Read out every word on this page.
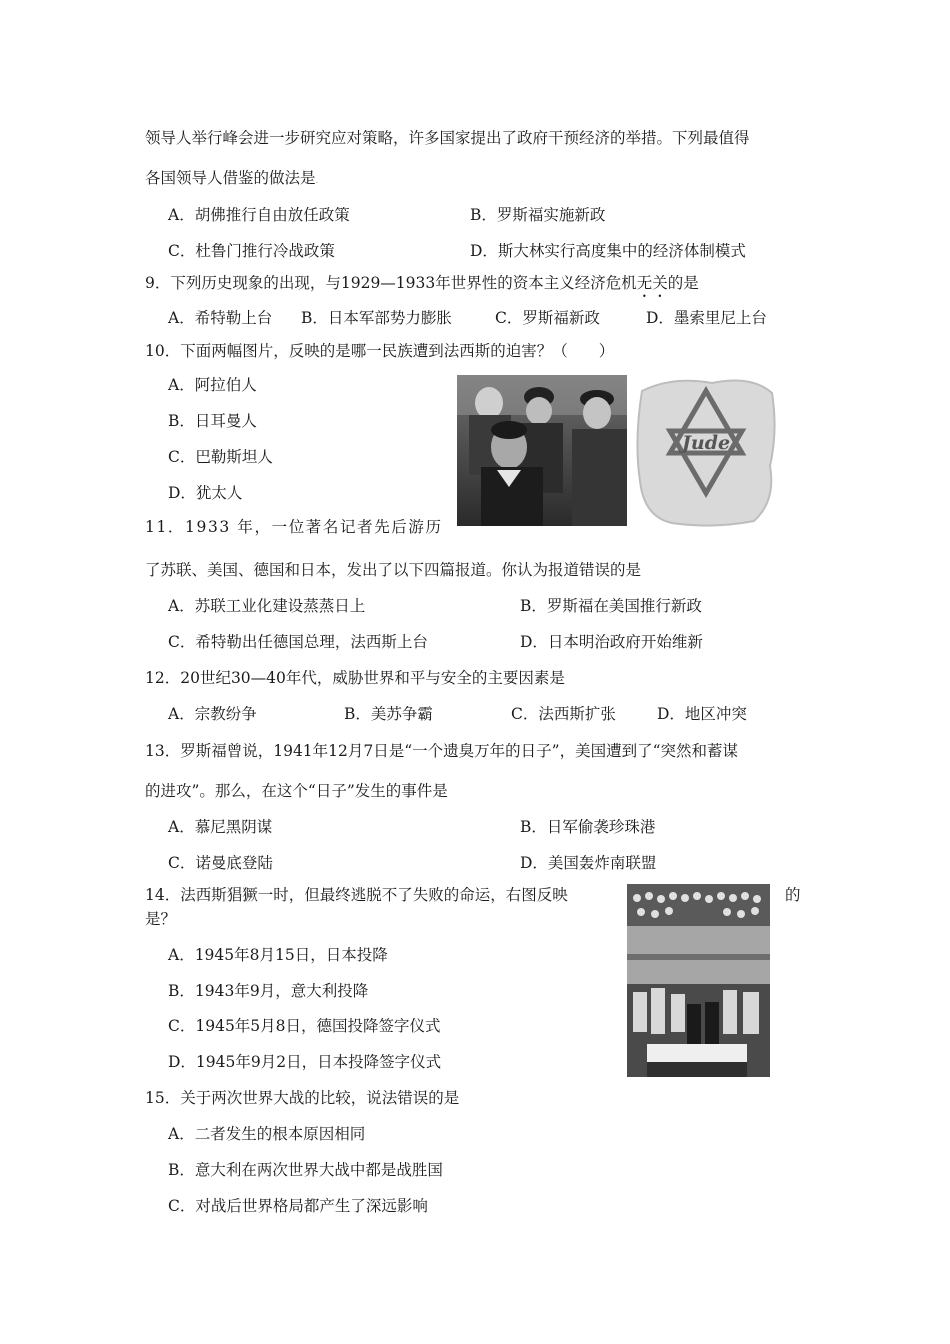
领导人举行峰会进一步研究应对策略，许多国家提出了政府干预经济的举措。下列最值得
各国领导人借鉴的做法是.
A．胡佛推行自由放任政策	B．罗斯福实施新政
C．杜鲁门推行冷战政策	D．斯大林实行高度集中的经济体制模式
9．下列历史现象的出现，与1929—1933年世界性的资本主义经济危机无关的是
A．希特勒上台 B．日本军部势力膨胀	C．罗斯福新政	D．墨索里尼上台
10．下面两幅图片，反映的是哪一民族遭到法西斯的迫害？（　　）
A．阿拉伯人
B．日耳曼人
C．巴勒斯坦人
D．犹太人
Jude
11．1933 年，一位著名记者先后游历
了苏联、美国、德国和日本，发出了以下四篇报道。你认为报道错误的是
A．苏联工业化建设蒸蒸日上	B．罗斯福在美国推行新政
C．希特勒出任德国总理，法西斯上台	D．日本明治政府开始维新
12．20世纪30—40年代，威胁世界和平与安全的主要因素是
A．宗教纷争	B．美苏争霸	C．法西斯扩张	D．地区冲突
13．罗斯福曾说，1941年12月7日是“一个遗臭万年的日子”，美国遭到了“突然和蓄谋
的进攻”。那么，在这个“日子”发生的事件是
A．慕尼黑阴谋	B．日军偷袭珍珠港
C．诺曼底登陆	D．美国轰炸南联盟
14．法西斯猖獗一时，但最终逃脱不了失败的命运，右图反映	的
是？
A．1945年8月15日，日本投降
B．1943年9月，意大利投降
C．1945年5月8日，德国投降签字仪式
D．1945年9月2日，日本投降签字仪式
15．关于两次世界大战的比较，说法错误的是
A．二者发生的根本原因相同
B．意大利在两次世界大战中都是战胜国
C．对战后世界格局都产生了深远影响
